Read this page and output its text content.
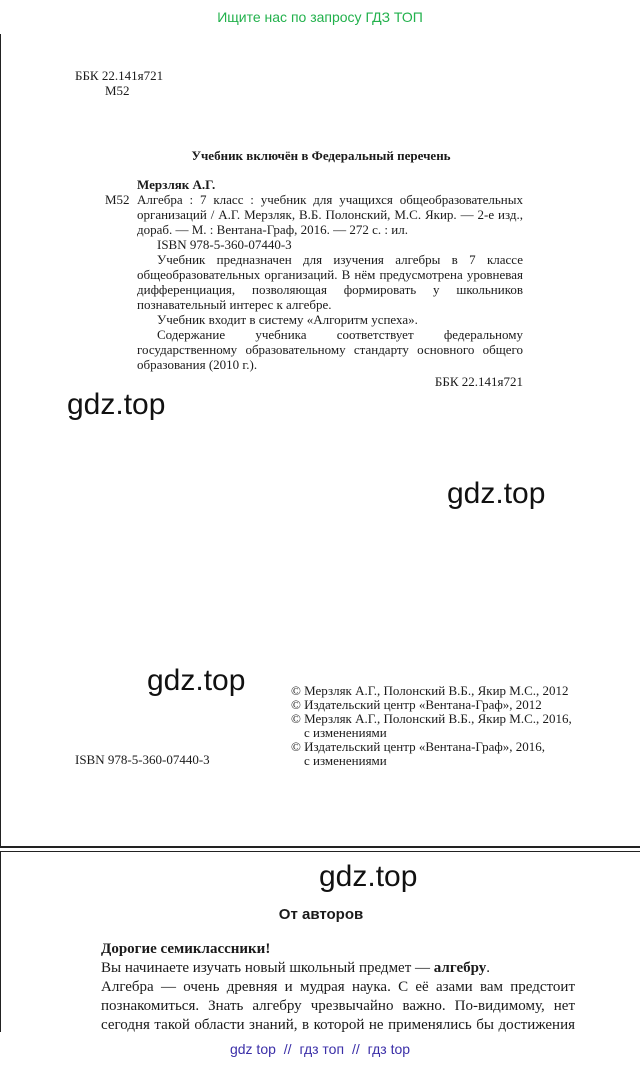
Ищите нас по запросу ГДЗ ТОП
ББК 22.141я721
М52
Учебник включён в Федеральный перечень
Мерзляк А.Г.
М52 Алгебра : 7 класс : учебник для учащихся общеобразовательных организаций / А.Г. Мерзляк, В.Б. Полонский, М.С. Якир. — 2-е изд., дораб. — М. : Вентана-Граф, 2016. — 272 с. : ил.
ISBN 978-5-360-07440-3
Учебник предназначен для изучения алгебры в 7 классе общеобразовательных организаций. В нём предусмотрена уровневая дифференциация, позволяющая формировать у школьников познавательный интерес к алгебре.
Учебник входит в систему «Алгоритм успеха».
Содержание учебника соответствует федеральному государственному образовательному стандарту основного общего образования (2010 г.).
ББК 22.141я721
gdz.top
gdz.top
gdz.top	© Мерзляк А.Г., Полонский В.Б., Якир М.С., 2012
© Издательский центр «Вентана-Граф», 2012
© Мерзляк А.Г., Полонский В.Б., Якир М.С., 2016,
с изменениями
© Издательский центр «Вентана-Граф», 2016,
с изменениями
ISBN 978-5-360-07440-3
gdz.top
От авторов
Дорогие семиклассники!
Вы начинаете изучать новый школьный предмет — алгебру.
Алгебра — очень древняя и мудрая наука. С её азами вам предстоит познакомиться. Знать алгебру чрезвычайно важно. По-видимому, нет сегодня такой области знаний, в которой не применялись бы достижения
gdz top // гдз топ // гдз top
